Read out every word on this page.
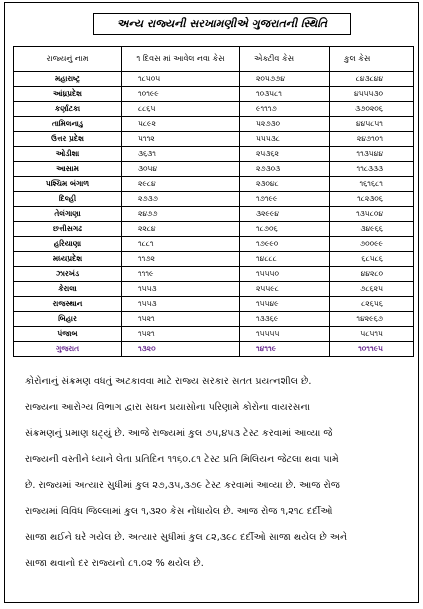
અન્ય રાજ્યની સરખામણીએ ગુજરાતની સ્થિતિ
રાજ્યનું નામ	૧ દિવસ માં આવેલ નવા કેસ	એક્ટીવ કેસ	કુલ કેસ
મહારાષ્ટ્ર	૧૮૫૦૫	૨૦૫૭૭૪	૮૪૩૮૪૪
આંધ્રપ્રદેશ	૧૦૧૯૯	૧૦૩૫૮૧	૪૫૫૫૩૦
કર્ણાટકા	૮૮૬૫	૯૧૧૧૭	૩૭૦૨૦૬
તામિલનાડુ	૫૮૯૨	૫૨૭૩૦	૪૪૫૮૫૧
ઉત્તર પ્રદેશ	૫૧૧૨	૫૫૫૩૮	૨૪૭૧૦૧
ઓડીશા	૩૬૩૧	૨૫૩૬૨	૧૧૩૫૪૪
આસામ	૩૦૫૪	૨૭૩૦૩	૧૧૮૩૩૩
પશ્ચિમ બંગાળ	૨૯૮૪	૨૩૦૪૮	૧૬૧૬૮૧
દિલ્હી	૨૭૩૭	૧૭૧૯૯	૧૮૨૩૦૬
તેલંગાણા	૨૪૭૭	૩૨૯૯૪	૧૩૫૮૦૪
છત્તીસગઢ	૨૨૮૪	૧૮૭૦૬	૩૪૯૬૬
હરિયાણા	૧૮૮૧	૧૭૯૯૦	૭૦૦૯૯
મધ્યપ્રદેશ	૧૧૭૨	૧૪૮૮૮	૬૮૫૮૬
ઝારખંડ	૧૧૧૯	૧૫૫૫૦	૪૪૨૮૦
કેરાલા	૧૫૫૩	૨૫૫૯૮	૭૮૬૨૫
રાજસ્થાન	૧૫૫૩	૧૫૫૪૯	૮૨૬૫૬
બિહાર	૧૫૨૧	૧૩૩૬૯	૧૪૨૯૬૭
પંજાબ	૧૫૨૧	૧૫૫૫૫	૫૮૫૧૫
ગુજરાત	૧૩૨૦	૧૪૧૧૯	૧૦૧૧૯૫
કોરોનાનું સંક્રમણ વધતું અટકાવવા માટે રાજ્ય સરકાર સતત પ્રયત્નશીલ છે.
રાજ્યના આરોગ્ય વિભાગ દ્વારા સઘન પ્રયાસોના પરિણામે કોરોના વાયરસના
સંક્રમણનું પ્રમાણ ઘટ્યું છે. આજે રાજ્યમાં કુલ ૭૫,૪૫૩ ટેસ્ટ કરવામાં આવ્યા જે
રાજ્યની વસ્તીને ધ્યાને લેતા પ્રતિદિન ૧૧૬૦.૮૧ ટેસ્ટ પ્રતિ મિલિયન જેટલા થવા પામે
છે. રાજ્યમાં અત્યાર સુધીમાં કુલ ૨૭,૩૫,૩૭૯ ટેસ્ટ કરવામાં આવ્યા છે. આજ રોજ
રાજ્યમાં વિવિધ જિલ્લામાં કુલ ૧,૩૨૦ કેસ નોંધાયેલ છે. આજ રોજ ૧,૨૧૮ દર્દીઓ
સાજા થઈને ઘરે ગયેલ છે. અત્યાર સુધીમાં કુલ ૮૨,૩૯૮ દર્દીઓ સાજા થયેલ છે અને
સાજા થવાનો દર રાજ્યનો ૮૧.૦૨ % થયેલ છે.
